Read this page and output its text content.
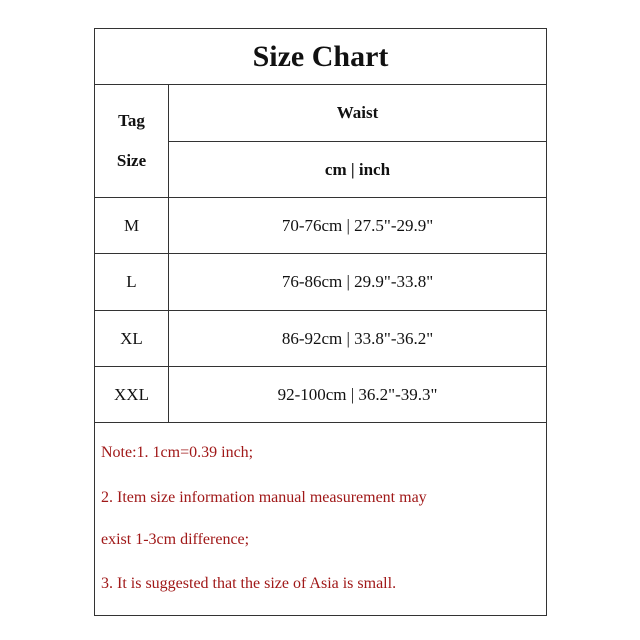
Size Chart
Tag
Size
Waist
cm | inch
M	70-76cm | 27.5"-29.9"
L	76-86cm | 29.9"-33.8"
XL	86-92cm | 33.8"-36.2"
XXL	92-100cm | 36.2"-39.3"
Note:1. 1cm=0.39 inch;
2. Item size information manual measurement may
exist 1-3cm difference;
3. It is suggested that the size of Asia is small.
